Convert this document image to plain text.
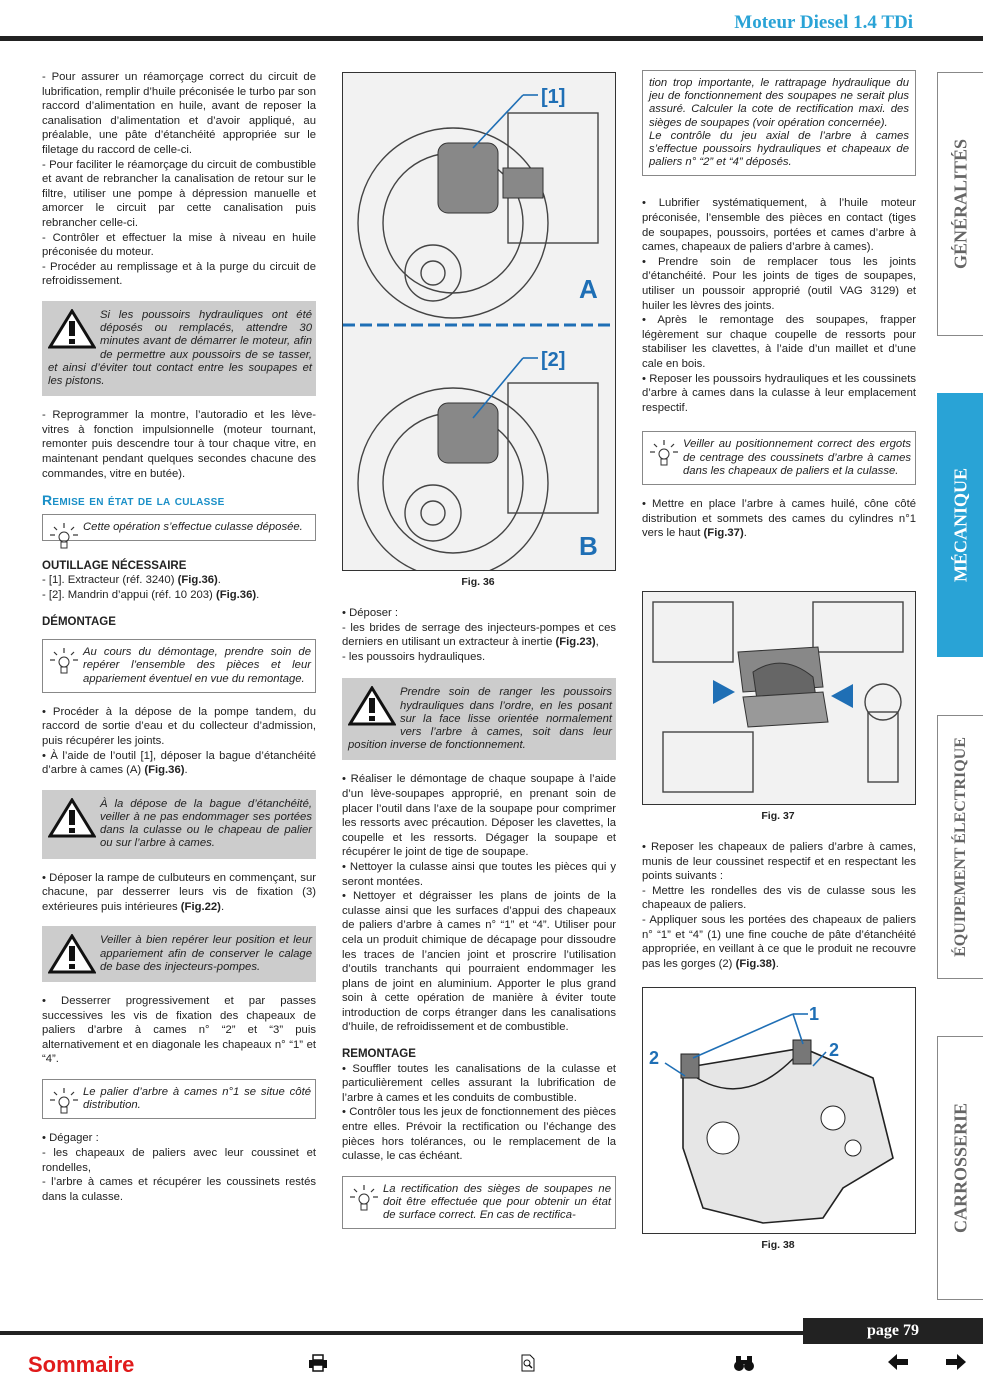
Moteur Diesel 1.4 TDi

- Pour assurer un réamorçage correct du circuit de lubrification, remplir d’huile préconisée le turbo par son raccord d’alimentation en huile, avant de reposer la canalisation d’alimentation et d’avoir appliqué, au préalable, une pâte d’étanchéité appropriée sur le filetage du raccord de celle-ci.

- Pour faciliter le réamorçage du circuit de combustible et avant de rebrancher la canalisation de retour sur le filtre, utiliser une pompe à dépression manuelle et amorcer le circuit par cette canalisation puis rebrancher celle-ci.

- Contrôler et effectuer la mise à niveau en huile préconisée du moteur.

- Procéder au remplissage et à la purge du circuit de refroidissement.

Si les poussoirs hydrauliques ont été déposés ou remplacés, attendre 30 minutes avant de démarrer le moteur, afin de permettre aux poussoirs de se tasser, et ainsi d’éviter tout contact entre les soupapes et les pistons.

- Reprogrammer la montre, l’autoradio et les lève-vitres à fonction impulsionnelle (moteur tournant, remonter puis descendre tour à tour chaque vitre, en maintenant pendant quelques secondes chacune des commandes, vitre en butée).

Remise en état de la culasse

Cette opération s’effectue culasse déposée.

OUTILLAGE NÉCESSAIRE

- [1]. Extracteur (réf. 3240) (Fig.36).

- [2]. Mandrin d’appui (réf. 10 203) (Fig.36).

DÉMONTAGE

Au cours du démontage, prendre soin de repérer l’ensemble des pièces et leur appariement éventuel en vue du remontage.

• Procéder à la dépose de la pompe tandem, du raccord de sortie d’eau et du collecteur d’admission, puis récupérer les joints.

• À l’aide de l’outil [1], déposer la bague d’étanchéité d’arbre à cames (A) (Fig.36).

À la dépose de la bague d’étanchéité, veiller à ne pas endommager ses portées dans la culasse ou le chapeau de palier ou sur l’arbre à cames.

• Déposer la rampe de culbuteurs en commençant, sur chacune, par desserrer leurs vis de fixation (3) extérieures puis intérieures (Fig.22).

Veiller à bien repérer leur position et leur appariement afin de conserver le calage de base des injecteurs-pompes.

• Desserrer progressivement et par passes successives les vis de fixation des chapeaux de paliers d’arbre à cames n° “2” et “3” puis alternativement et en diagonale les chapeaux n° “1” et “4”.

Le palier d’arbre à cames n°1 se situe côté distribution.

• Dégager :

- les chapeaux de paliers avec leur coussinet et rondelles,

- l’arbre à cames et récupérer les coussinets restés dans la culasse.

[1]
A
[2]
B
Fig. 36

• Déposer :

- les brides de serrage des injecteurs-pompes et ces derniers en utilisant un extracteur à inertie (Fig.23),

- les poussoirs hydrauliques.

Prendre soin de ranger les poussoirs hydrauliques dans l’ordre, en les posant sur la face lisse orientée normalement vers l’arbre à cames, soit dans leur position inverse de fonctionnement.

• Réaliser le démontage de chaque soupape à l’aide d’un lève-soupapes approprié, en prenant soin de placer l’outil dans l’axe de la soupape pour comprimer les ressorts avec précaution. Déposer les clavettes, la coupelle et les ressorts. Dégager la soupape et récupérer le joint de tige de soupape.

• Nettoyer la culasse ainsi que toutes les pièces qui y seront montées.

• Nettoyer et dégraisser les plans de joints de la culasse ainsi que les surfaces d’appui des chapeaux de paliers d’arbre à cames n° “1” et “4”. Utiliser pour cela un produit chimique de décapage pour dissoudre les traces de l’ancien joint et proscrire l’utilisation d’outils tranchants qui pourraient endommager les plans de joint en aluminium. Apporter le plus grand soin à cette opération de manière à éviter toute introduction de corps étranger dans les canalisations d’huile, de refroidissement et de combustible.

REMONTAGE

• Souffler toutes les canalisations de la culasse et particulièrement celles assurant la lubrification de l’arbre à cames et les conduits de combustible.

• Contrôler tous les jeux de fonctionnement des pièces entre elles. Prévoir la rectification ou l’échange des pièces hors tolérances, ou le remplacement de la culasse, le cas échéant.

La rectification des sièges de soupapes ne doit être effectuée que pour obtenir un état de surface correct. En cas de rectifica-
tion trop importante, le rattrapage hydraulique du jeu de fonctionnement des soupapes ne serait plus assuré. Calculer la cote de rectification maxi. des sièges de soupapes (voir opération concernée).
Le contrôle du jeu axial de l’arbre à cames s’effectue poussoirs hydrauliques et chapeaux de paliers n° “2” et “4” déposés.

• Lubrifier systématiquement, à l’huile moteur préconisée, l’ensemble des pièces en contact (tiges de soupapes, poussoirs, portées et cames d’arbre à cames, chapeaux de paliers d’arbre à cames).

• Prendre soin de remplacer tous les joints d’étanchéité. Pour les joints de tiges de soupapes, utiliser un poussoir approprié (outil VAG 3129) et huiler les lèvres des joints.

• Après le remontage des soupapes, frapper légèrement sur chaque coupelle de ressorts pour stabiliser les clavettes, à l’aide d’un maillet et d’une cale en bois.

• Reposer les poussoirs hydrauliques et les coussinets d’arbre à cames dans la culasse à leur emplacement respectif.

Veiller au positionnement correct des ergots de centrage des coussinets d’arbre à cames dans les chapeaux de paliers et la culasse.

• Mettre en place l’arbre à cames huilé, cône côté distribution et sommets des cames du cylindres n°1 vers le haut (Fig.37).

Fig. 37

• Reposer les chapeaux de paliers d’arbre à cames, munis de leur coussinet respectif et en respectant les points suivants :

- Mettre les rondelles des vis de culasse sous les chapeaux de paliers.

- Appliquer sous les portées des chapeaux de paliers n° “1” et “4” (1) une fine couche de pâte d’étanchéité appropriée, en veillant à ce que le produit ne recouvre pas les gorges (2) (Fig.38).

1
2	2
Fig. 38
GÉNÉRALITÉS
MÉCANIQUE
ÉQUIPEMENT ÉLECTRIQUE
CARROSSERIE
page 79
Sommaire
